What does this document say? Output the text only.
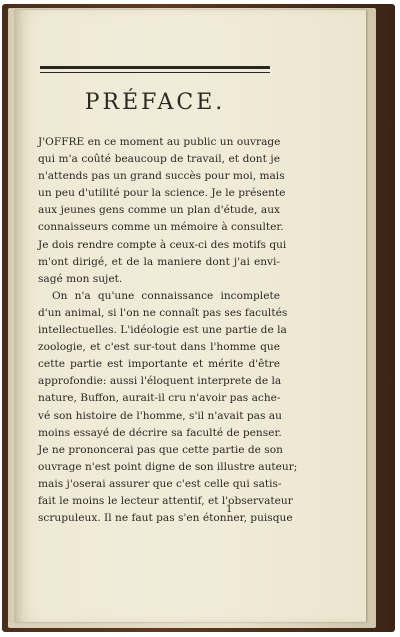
PRÉFACE.
J'OFFRE en ce moment au public un ouvrage
qui m'a coûté beaucoup de travail, et dont je
n'attends pas un grand succès pour moi, mais
un peu d'utilité pour la science. Je le présente
aux jeunes gens comme un plan d'étude, aux
connaisseurs comme un mémoire à consulter.
Je dois rendre compte à ceux-ci des motifs qui
m'ont dirigé, et de la maniere dont j'ai envi-
sagé mon sujet.
On n'a qu'une connaissance incomplete
d'un animal, si l'on ne connaît pas ses facultés
intellectuelles. L'idéologie est une partie de la
zoologie, et c'est sur-tout dans l'homme que
cette partie est importante et mérite d'être
approfondie: aussi l'éloquent interprete de la
nature, Buffon, aurait-il cru n'avoir pas ache-
vé son histoire de l'homme, s'il n'avait pas au
moins essayé de décrire sa faculté de penser.
Je ne prononcerai pas que cette partie de son
ouvrage n'est point digne de son illustre auteur;
mais j'oserai assurer que c'est celle qui satis-
fait le moins le lecteur attentif, et l'observateur
scrupuleux. Il ne faut pas s'en étonner, puisque
1
